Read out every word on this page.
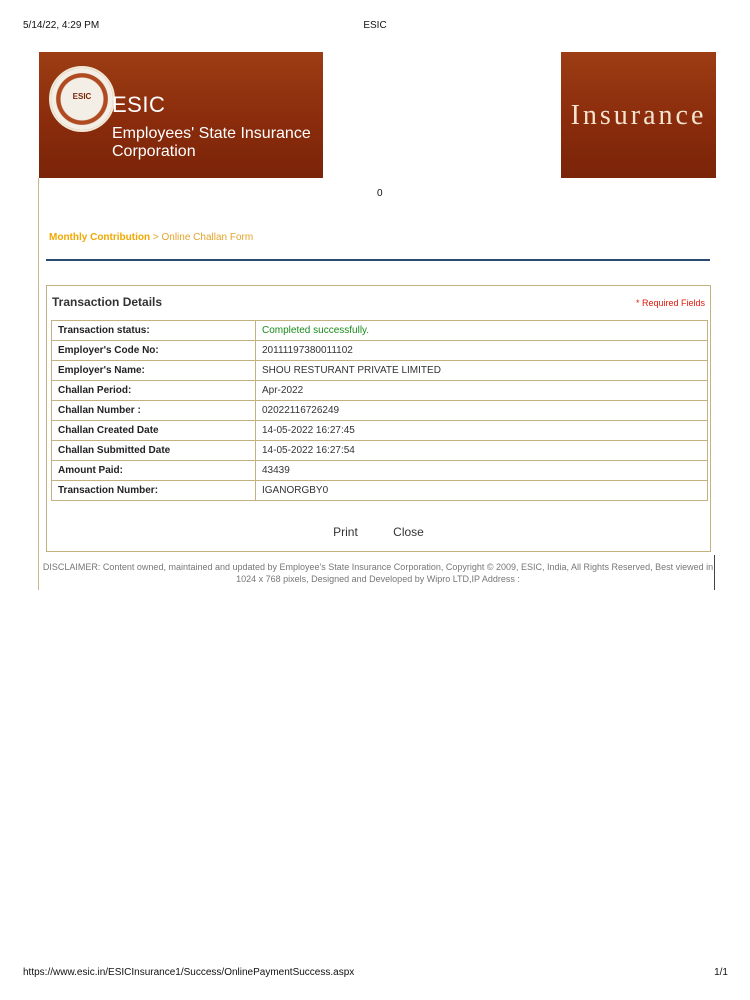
5/14/22, 4:29 PM	ESIC
ESIC ESIC
Employees' State Insurance Corporation
Insurance
0
Monthly Contribution > Online Challan Form
Transaction Details	* Required Fields
Transaction status:	Completed successfully.
Employer's Code No:	20111197380011102
Employer's Name:	SHOU RESTURANT PRIVATE LIMITED
Challan Period:	Apr-2022
Challan Number :	02022116726249
Challan Created Date	14-05-2022 16:27:45
Challan Submitted Date	14-05-2022 16:27:54
Amount Paid:	43439
Transaction Number:	IGANORGBY0
Print	Close
DISCLAIMER: Content owned, maintained and updated by Employee's State Insurance Corporation, Copyright © 2009, ESIC, India, All Rights Reserved, Best viewed in 1024 x 768 pixels, Designed and Developed by Wipro LTD,IP Address :
https://www.esic.in/ESICInsurance1/Success/OnlinePaymentSuccess.aspx	1/1
